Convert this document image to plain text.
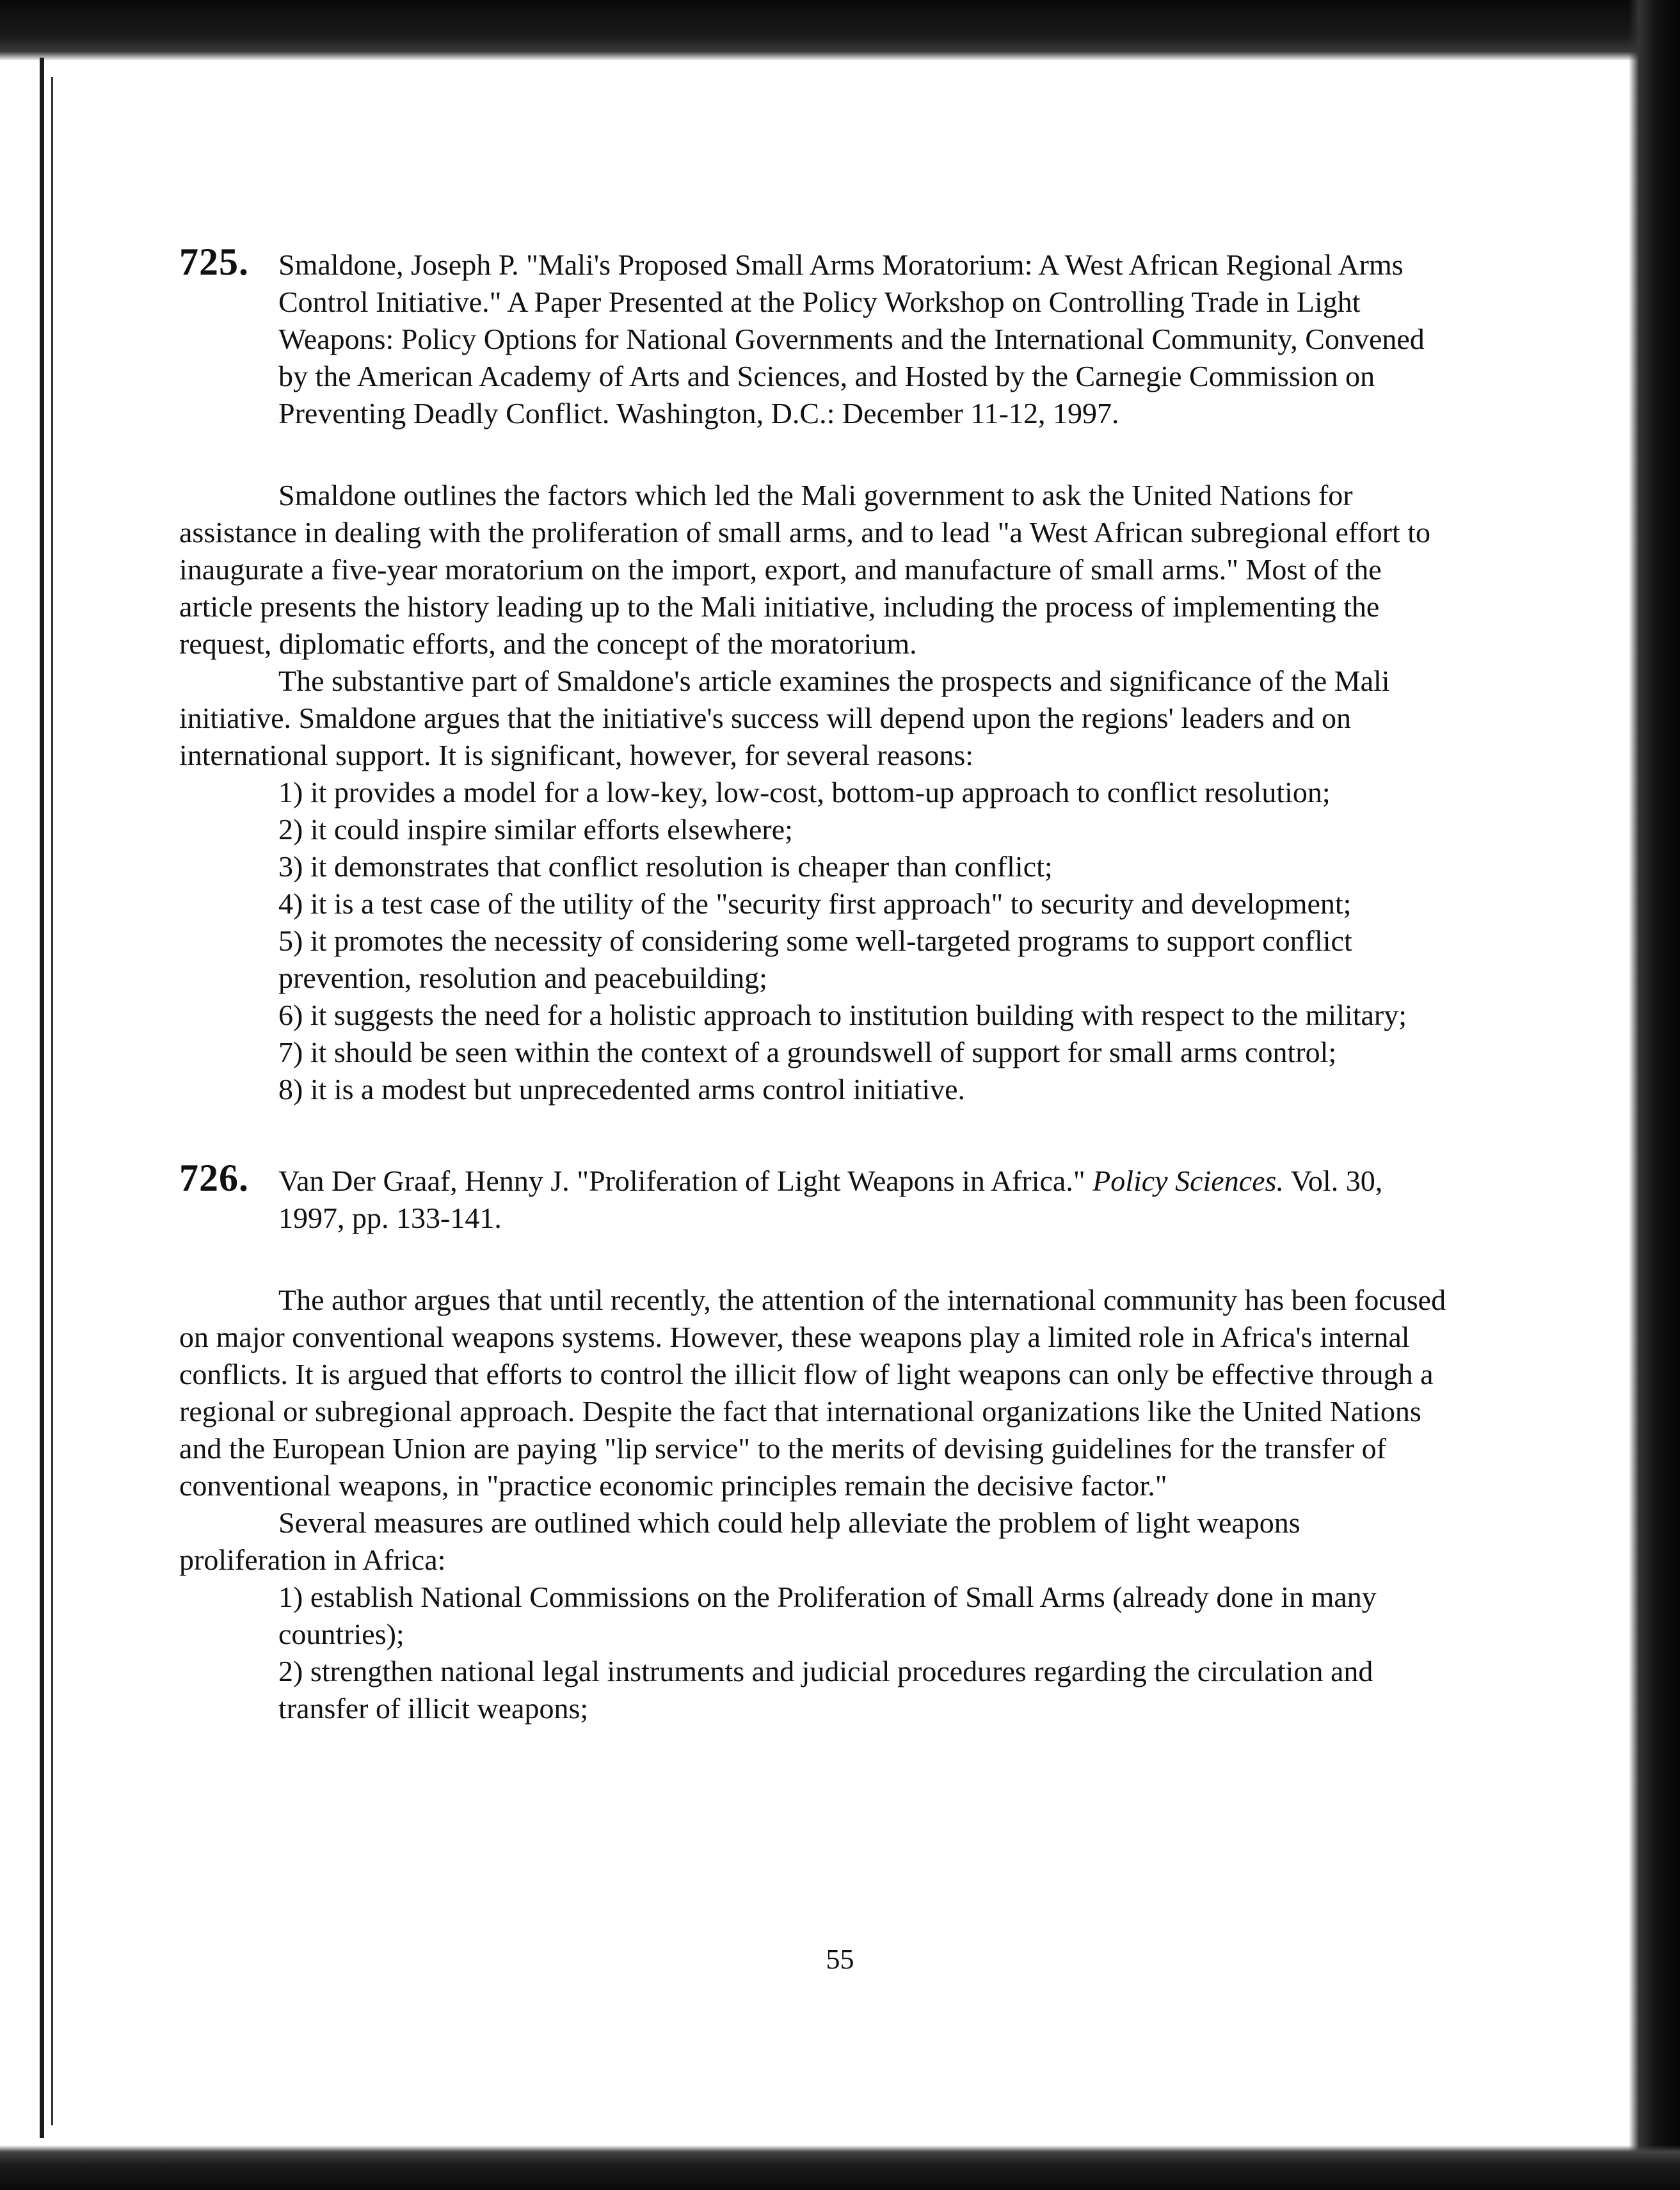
725. Smaldone, Joseph P. "Mali's Proposed Small Arms Moratorium: A West African Regional Arms Control Initiative." A Paper Presented at the Policy Workshop on Controlling Trade in Light Weapons: Policy Options for National Governments and the International Community, Convened by the American Academy of Arts and Sciences, and Hosted by the Carnegie Commission on Preventing Deadly Conflict. Washington, D.C.: December 11-12, 1997.

Smaldone outlines the factors which led the Mali government to ask the United Nations for assistance in dealing with the proliferation of small arms, and to lead "a West African subregional effort to inaugurate a five-year moratorium on the import, export, and manufacture of small arms." Most of the article presents the history leading up to the Mali initiative, including the process of implementing the request, diplomatic efforts, and the concept of the moratorium.

The substantive part of Smaldone's article examines the prospects and significance of the Mali initiative. Smaldone argues that the initiative's success will depend upon the regions' leaders and on international support. It is significant, however, for several reasons:

1) it provides a model for a low-key, low-cost, bottom-up approach to conflict resolution;

2) it could inspire similar efforts elsewhere;

3) it demonstrates that conflict resolution is cheaper than conflict;

4) it is a test case of the utility of the "security first approach" to security and development;

5) it promotes the necessity of considering some well-targeted programs to support conflict prevention, resolution and peacebuilding;

6) it suggests the need for a holistic approach to institution building with respect to the military;

7) it should be seen within the context of a groundswell of support for small arms control;

8) it is a modest but unprecedented arms control initiative.

726. Van Der Graaf, Henny J. "Proliferation of Light Weapons in Africa." Policy Sciences. Vol. 30, 1997, pp. 133-141.

The author argues that until recently, the attention of the international community has been focused on major conventional weapons systems. However, these weapons play a limited role in Africa's internal conflicts. It is argued that efforts to control the illicit flow of light weapons can only be effective through a regional or subregional approach. Despite the fact that international organizations like the United Nations and the European Union are paying "lip service" to the merits of devising guidelines for the transfer of conventional weapons, in "practice economic principles remain the decisive factor."

Several measures are outlined which could help alleviate the problem of light weapons proliferation in Africa:

1) establish National Commissions on the Proliferation of Small Arms (already done in many countries);

2) strengthen national legal instruments and judicial procedures regarding the circulation and transfer of illicit weapons;

55
